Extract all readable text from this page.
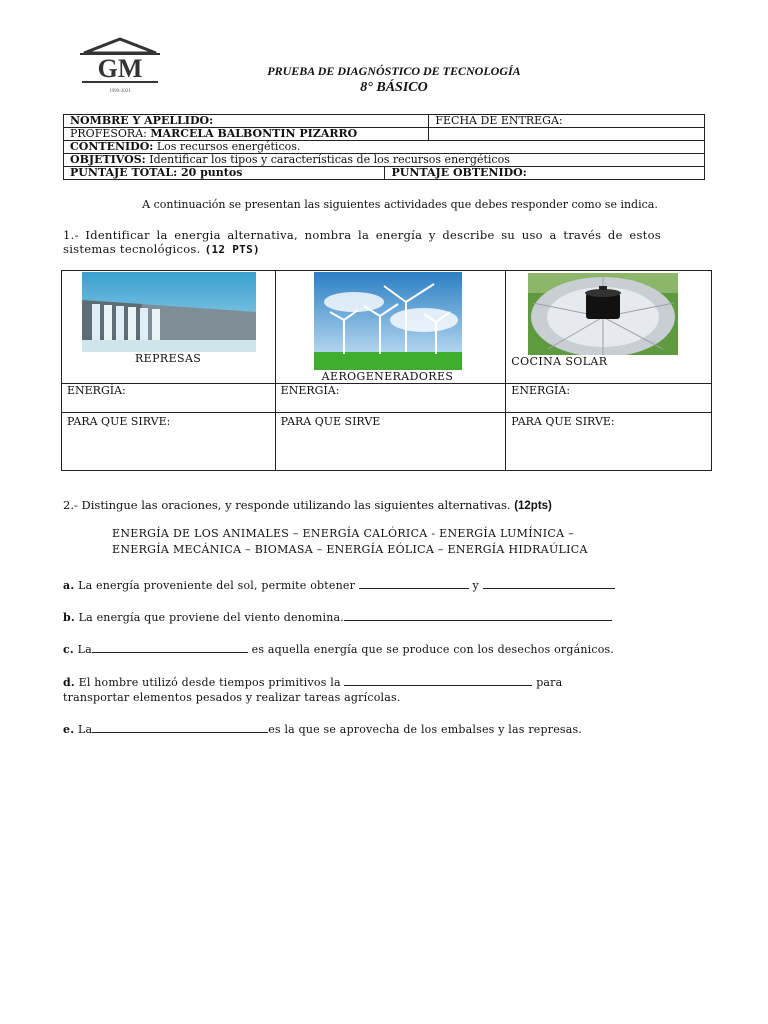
GM
1999-2021
PRUEBA DE DIAGNÓSTICO DE TECNOLOGÍA
8° BÁSICO
NOMBRE Y APELLIDO:		FECHA DE ENTREGA:
PROFESORA: MARCELA BALBONTIN PIZARRO		
CONTENIDO: Los recursos energéticos.		
OBJETIVOS: Identificar los tipos y características de los recursos energéticos		
PUNTAJE TOTAL: 20 puntos	PUNTAJE OBTENIDO:	
A continuación se presentan las siguientes actividades que debes responder como se indica.
1.- Identificar la energia alternativa, nombra la energía y describe su uso a través de estos sistemas tecnológicos. (12 PTS)
REPRESAS	AEROGENERADORES	COCINA SOLAR

ENERGÍA:	ENERGÍA:	ENERGÍA:
PARA QUE SIRVE:	PARA QUE SIRVE	PARA QUE SIRVE:
2.- Distingue las oraciones, y responde utilizando las siguientes alternativas. (12pts)
ENERGÍA DE LOS ANIMALES – ENERGÍA CALÓRICA - ENERGÍA LUMÍNICA –
ENERGÍA MECÁNICA – BIOMASA – ENERGÍA EÓLICA – ENERGÍA HIDRAÚLICA
a. La energía proveniente del sol, permite obtener	y
b. La energía que proviene del viento denomina.
c. La	es aquella energía que se produce con los desechos orgánicos.
d. El hombre utilizó desde tiempos primitivos la	para
transportar elementos pesados y realizar tareas agrícolas.
e. La	es la que se aprovecha de los embalses y las represas.
